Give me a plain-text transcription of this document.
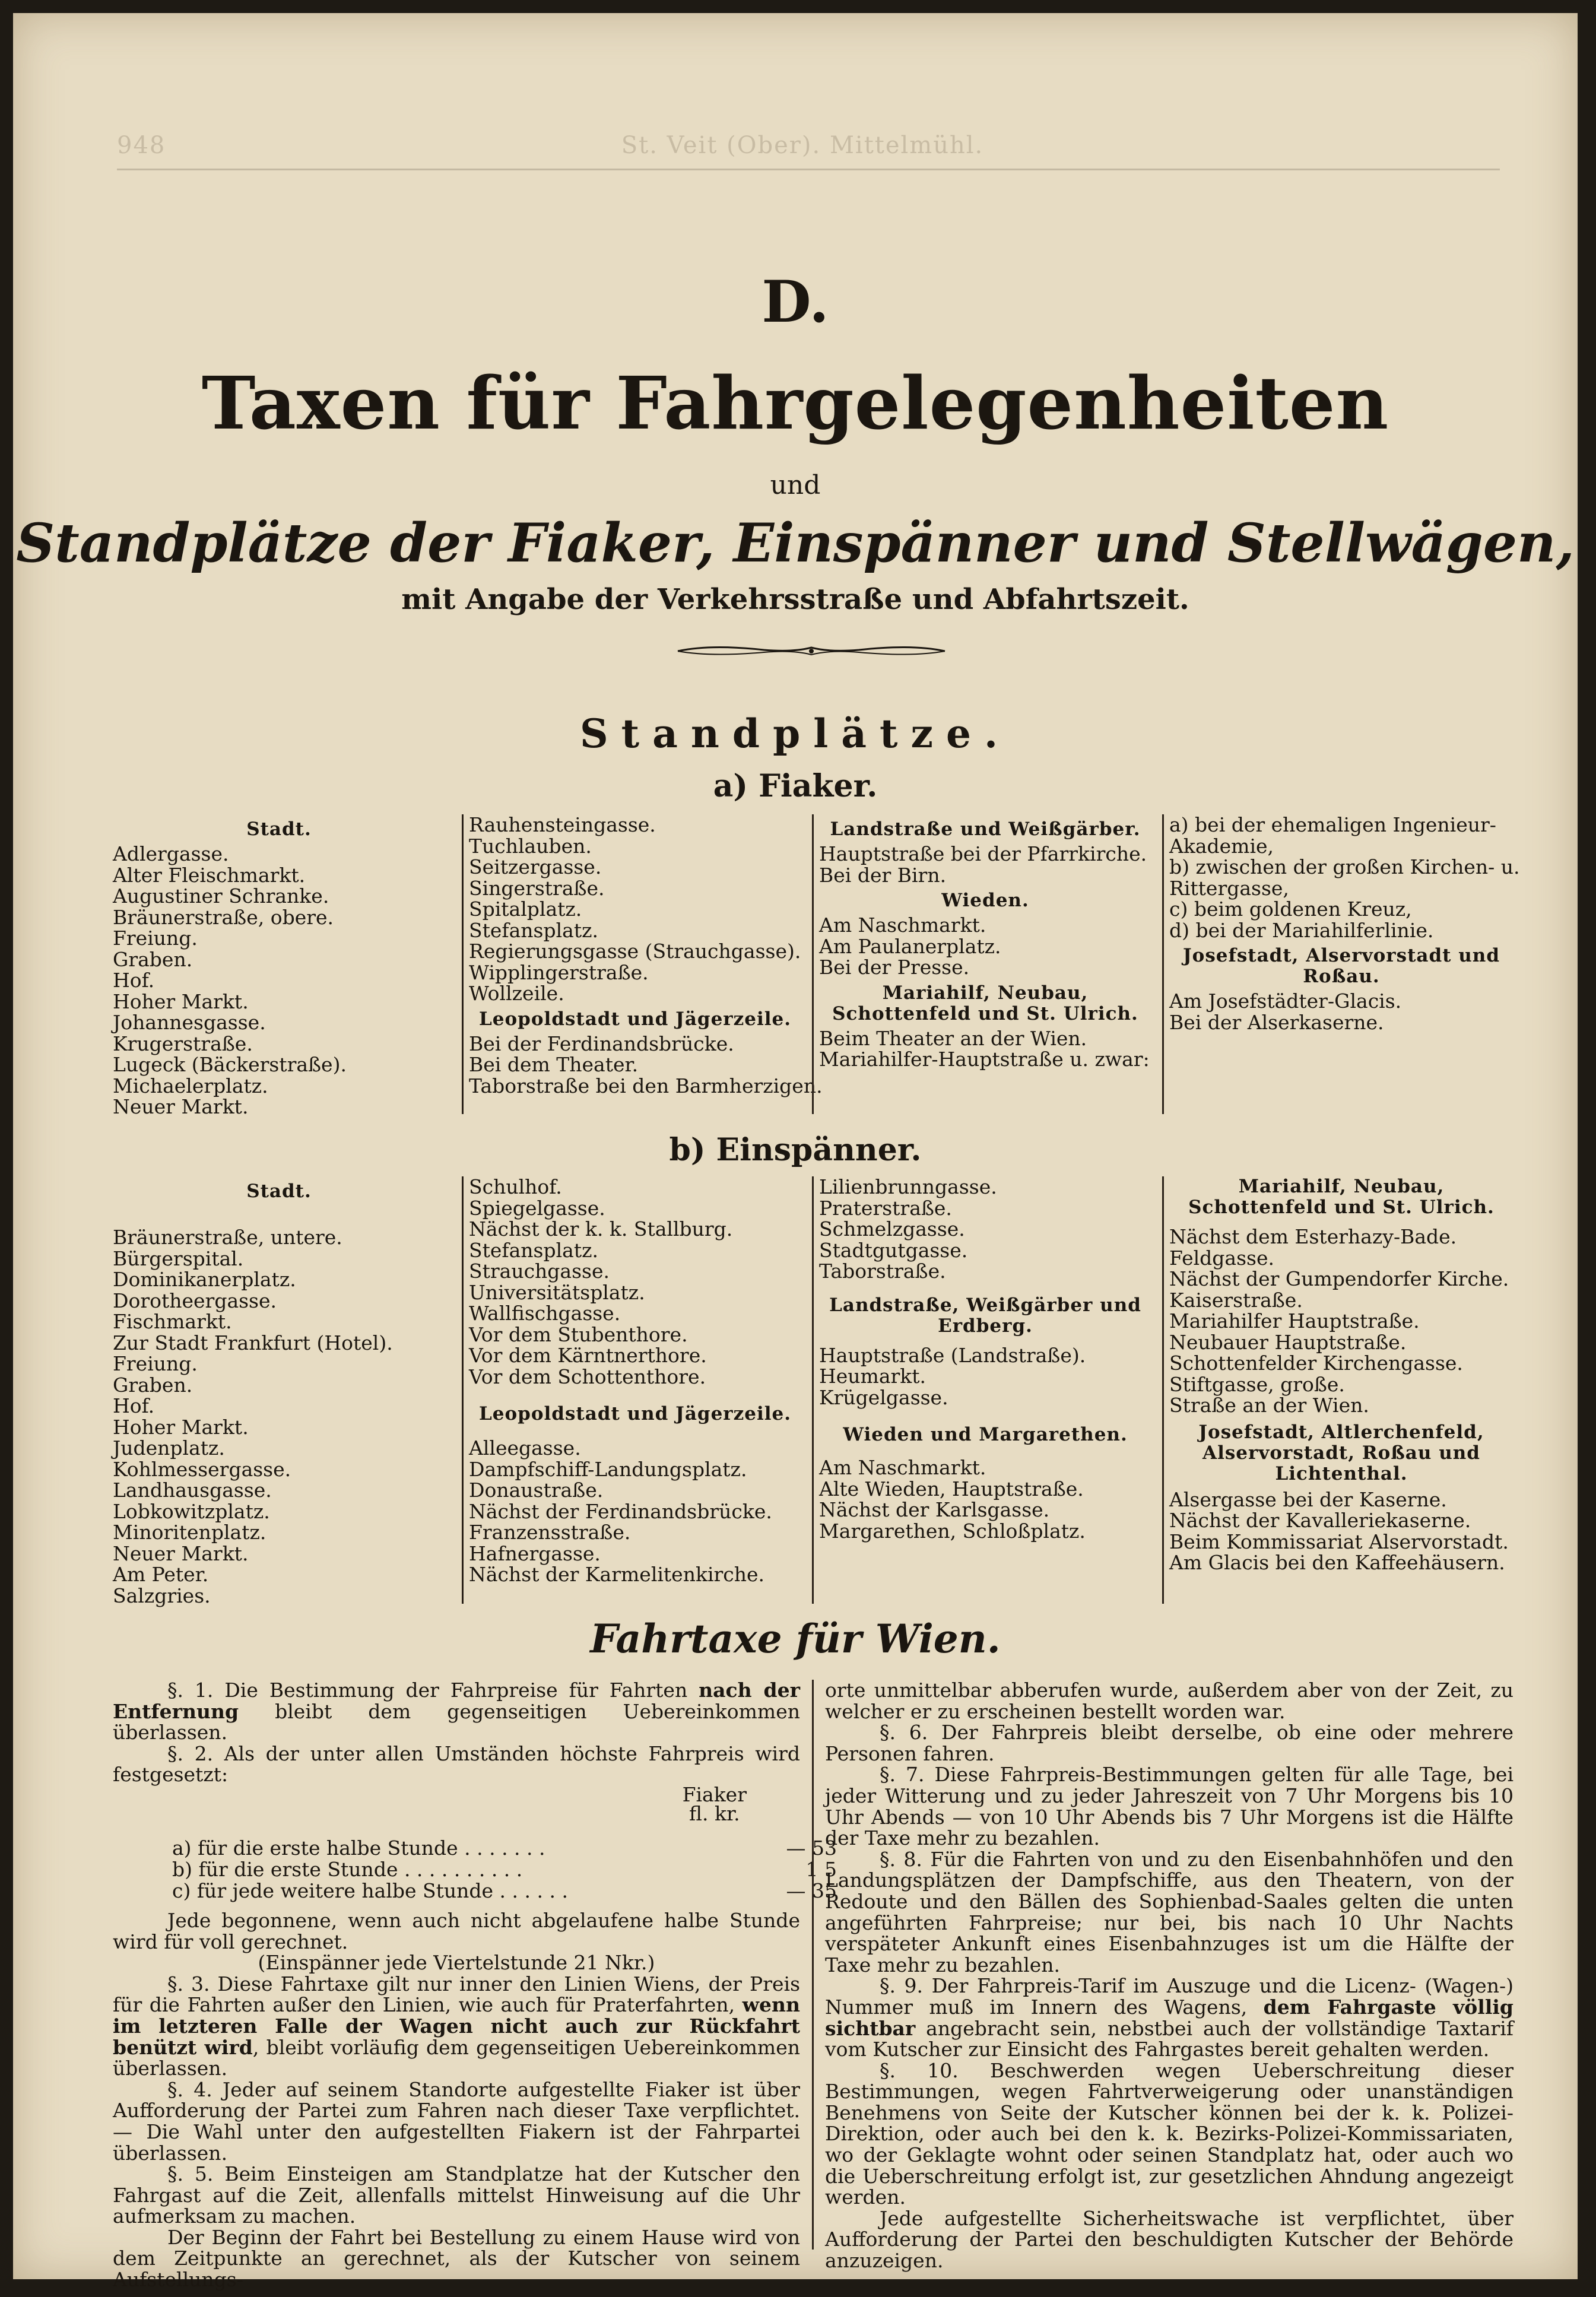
948	St. Veit (Ober). Mittelmühl.
D.
Taxen für Fahrgelegenheiten
und
Standplätze der Fiaker, Einspänner und Stellwägen,
mit Angabe der Verkehrsstraße und Abfahrtszeit.
Standplätze.
a) Fiaker.
Stadt.
Adlergasse.
Alter Fleischmarkt.
Augustiner Schranke.
Bräunerstraße, obere.
Freiung.
Graben.
Hof.
Hoher Markt.
Johannesgasse.
Krugerstraße.
Lugeck (Bäckerstraße).
Michaelerplatz.
Neuer Markt.
Rauhensteingasse.
Tuchlauben.
Seitzergasse.
Singerstraße.
Spitalplatz.
Stefansplatz.
Regierungsgasse (Strauchgasse).
Wipplingerstraße.
Wollzeile.
Leopoldstadt und Jägerzeile.
Bei der Ferdinandsbrücke.
Bei dem Theater.
Taborstraße bei den Barmherzigen.
Landstraße und Weißgärber.
Hauptstraße bei der Pfarrkirche.
Bei der Birn.
Wieden.
Am Naschmarkt.
Am Paulanerplatz.
Bei der Presse.
Mariahilf, Neubau, Schottenfeld und St. Ulrich.
Beim Theater an der Wien.
Mariahilfer-Hauptstraße u. zwar:
a) bei der ehemaligen Ingenieur-
Akademie,
b) zwischen der großen Kirchen- u.
Rittergasse,
c) beim goldenen Kreuz,
d) bei der Mariahilferlinie.
Josefstadt, Alservorstadt und Roßau.
Am Josefstädter-Glacis.
Bei der Alserkaserne.
b) Einspänner.
Stadt.
Bräunerstraße, untere.
Bürgerspital.
Dominikanerplatz.
Dorotheergasse.
Fischmarkt.
Zur Stadt Frankfurt (Hotel).
Freiung.
Graben.
Hof.
Hoher Markt.
Judenplatz.
Kohlmessergasse.
Landhausgasse.
Lobkowitzplatz.
Minoritenplatz.
Neuer Markt.
Am Peter.
Salzgries.
Schulhof.
Spiegelgasse.
Nächst der k. k. Stallburg.
Stefansplatz.
Strauchgasse.
Universitätsplatz.
Wallfischgasse.
Vor dem Stubenthore.
Vor dem Kärntnerthore.
Vor dem Schottenthore.
Leopoldstadt und Jägerzeile.
Alleegasse.
Dampfschiff-Landungsplatz.
Donaustraße.
Nächst der Ferdinandsbrücke.
Franzensstraße.
Hafnergasse.
Nächst der Karmelitenkirche.
Lilienbrunngasse.
Praterstraße.
Schmelzgasse.
Stadtgutgasse.
Taborstraße.
Landstraße, Weißgärber und Erdberg.
Hauptstraße (Landstraße).
Heumarkt.
Krügelgasse.
Wieden und Margarethen.
Am Naschmarkt.
Alte Wieden, Hauptstraße.
Nächst der Karlsgasse.
Margarethen, Schloßplatz.
Mariahilf, Neubau, Schottenfeld und St. Ulrich.
Nächst dem Esterhazy-Bade.
Feldgasse.
Nächst der Gumpendorfer Kirche.
Kaiserstraße.
Mariahilfer Hauptstraße.
Neubauer Hauptstraße.
Schottenfelder Kirchengasse.
Stiftgasse, große.
Straße an der Wien.
Josefstadt, Altlerchenfeld, Alservorstadt, Roßau und Lichtenthal.
Alsergasse bei der Kaserne.
Nächst der Kavalleriekaserne.
Beim Kommissariat Alservorstadt.
Am Glacis bei den Kaffeehäusern.
Fahrtaxe für Wien.

§. 1. Die Bestimmung der Fahrpreise für Fahrten nach der Entfernung bleibt dem gegenseitigen Uebereinkommen überlassen.

§. 2. Als der unter allen Umständen höchste Fahrpreis wird festgesetzt:

Fiaker
fl. kr.
a) für die erste halbe Stunde . . . . . . .	— 53
b) für die erste Stunde . . . . . . . . . .	1 5
c) für jede weitere halbe Stunde . . . . . .	— 35

Jede begonnene, wenn auch nicht abgelaufene halbe Stunde wird für voll gerechnet.

(Einspänner jede Viertelstunde 21 Nkr.)

§. 3. Diese Fahrtaxe gilt nur inner den Linien Wiens, der Preis für die Fahrten außer den Linien, wie auch für Praterfahrten, wenn im letzteren Falle der Wagen nicht auch zur Rückfahrt benützt wird, bleibt vorläufig dem gegenseitigen Uebereinkommen überlassen.

§. 4. Jeder auf seinem Standorte aufgestellte Fiaker ist über Aufforderung der Partei zum Fahren nach dieser Taxe verpflichtet. — Die Wahl unter den aufgestellten Fiakern ist der Fahrpartei überlassen.

§. 5. Beim Einsteigen am Standplatze hat der Kutscher den Fahrgast auf die Zeit, allenfalls mittelst Hinweisung auf die Uhr aufmerksam zu machen.

Der Beginn der Fahrt bei Bestellung zu einem Hause wird von dem Zeitpunkte an gerechnet, als der Kutscher von seinem Aufstellungs-

orte unmittelbar abberufen wurde, außerdem aber von der Zeit, zu welcher er zu erscheinen bestellt worden war.

§. 6. Der Fahrpreis bleibt derselbe, ob eine oder mehrere Personen fahren.

§. 7. Diese Fahrpreis-Bestimmungen gelten für alle Tage, bei jeder Witterung und zu jeder Jahreszeit von 7 Uhr Morgens bis 10 Uhr Abends — von 10 Uhr Abends bis 7 Uhr Morgens ist die Hälfte der Taxe mehr zu bezahlen.

§. 8. Für die Fahrten von und zu den Eisenbahnhöfen und den Landungsplätzen der Dampfschiffe, aus den Theatern, von der Redoute und den Bällen des Sophienbad-Saales gelten die unten angeführten Fahrpreise; nur bei, bis nach 10 Uhr Nachts verspäteter Ankunft eines Eisenbahnzuges ist um die Hälfte der Taxe mehr zu bezahlen.

§. 9. Der Fahrpreis-Tarif im Auszuge und die Licenz- (Wagen-) Nummer muß im Innern des Wagens, dem Fahrgaste völlig sichtbar angebracht sein, nebstbei auch der vollständige Taxtarif vom Kutscher zur Einsicht des Fahrgastes bereit gehalten werden.

§. 10. Beschwerden wegen Ueberschreitung dieser Bestimmungen, wegen Fahrtverweigerung oder unanständigen Benehmens von Seite der Kutscher können bei der k. k. Polizei-Direktion, oder auch bei den k. k. Bezirks-Polizei-Kommissariaten, wo der Geklagte wohnt oder seinen Standplatz hat, oder auch wo die Ueberschreitung erfolgt ist, zur gesetzlichen Ahndung angezeigt werden.

Jede aufgestellte Sicherheitswache ist verpflichtet, über Aufforderung der Partei den beschuldigten Kutscher der Behörde anzuzeigen.
